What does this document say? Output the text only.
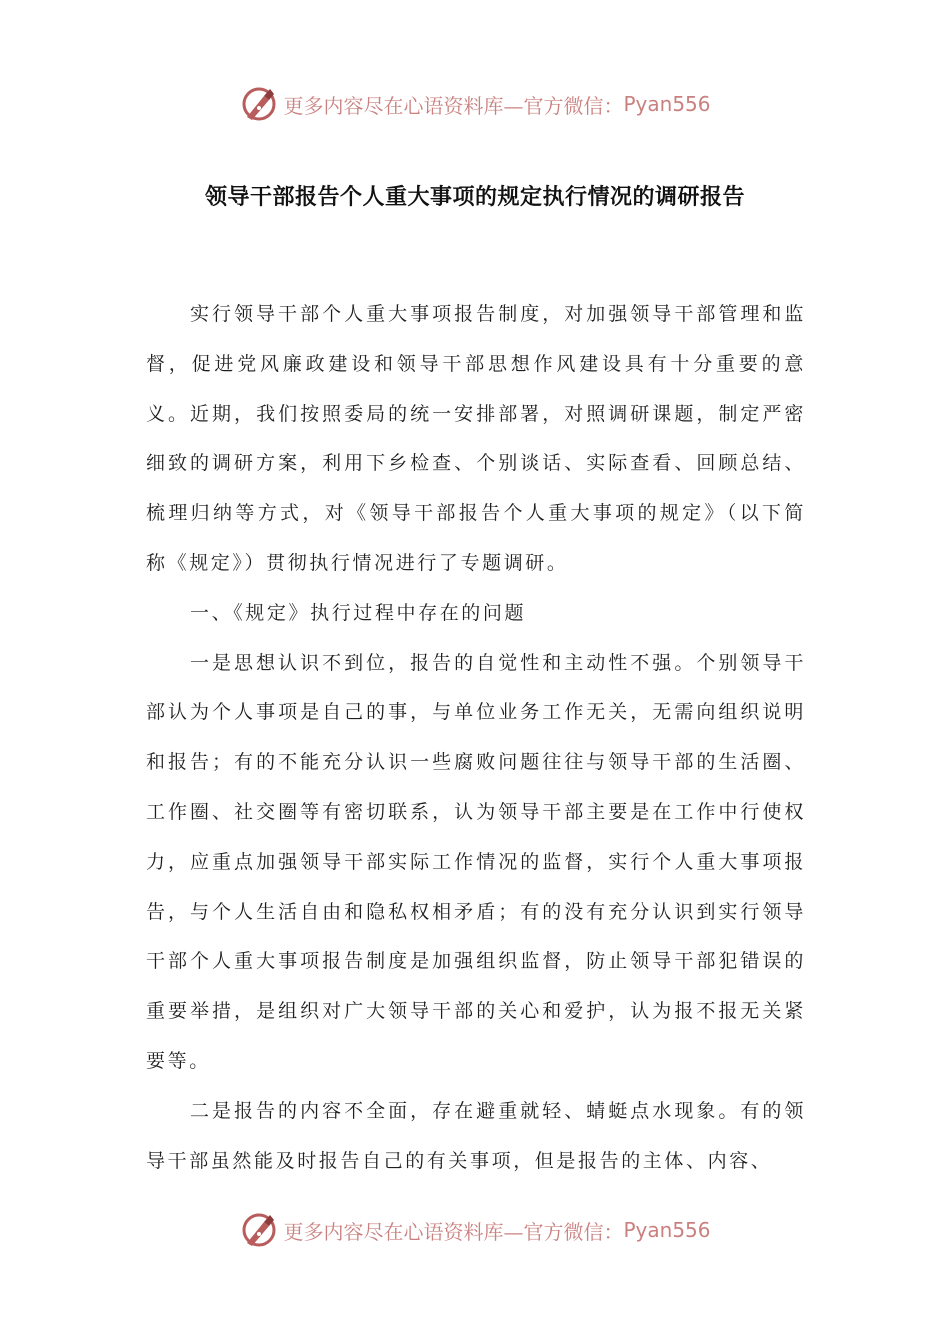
更多内容尽在心语资料库—官方微信： Pyan556
领导干部报告个人重大事项的规定执行情况的调研报告

实行领导干部个人重大事项报告制度，对加强领导干部管理和监督，促进党风廉政建设和领导干部思想作风建设具有十分重要的意义。近期，我们按照委局的统一安排部署，对照调研课题，制定严密细致的调研方案，利用下乡检查、个别谈话、实际查看、回顾总结、梳理归纳等方式，对《领导干部报告个人重大事项的规定》（以下简称《规定》）贯彻执行情况进行了专题调研。

一、《规定》执行过程中存在的问题

一是思想认识不到位，报告的自觉性和主动性不强。个别领导干部认为个人事项是自己的事，与单位业务工作无关，无需向组织说明和报告；有的不能充分认识一些腐败问题往往与领导干部的生活圈、工作圈、社交圈等有密切联系，认为领导干部主要是在工作中行使权力，应重点加强领导干部实际工作情况的监督，实行个人重大事项报告，与个人生活自由和隐私权相矛盾；有的没有充分认识到实行领导干部个人重大事项报告制度是加强组织监督，防止领导干部犯错误的重要举措，是组织对广大领导干部的关心和爱护，认为报不报无关紧要等。

二是报告的内容不全面，存在避重就轻、蜻蜓点水现象。有的领导干部虽然能及时报告自己的有关事项，但是报告的主体、内容、

更多内容尽在心语资料库—官方微信： Pyan556
